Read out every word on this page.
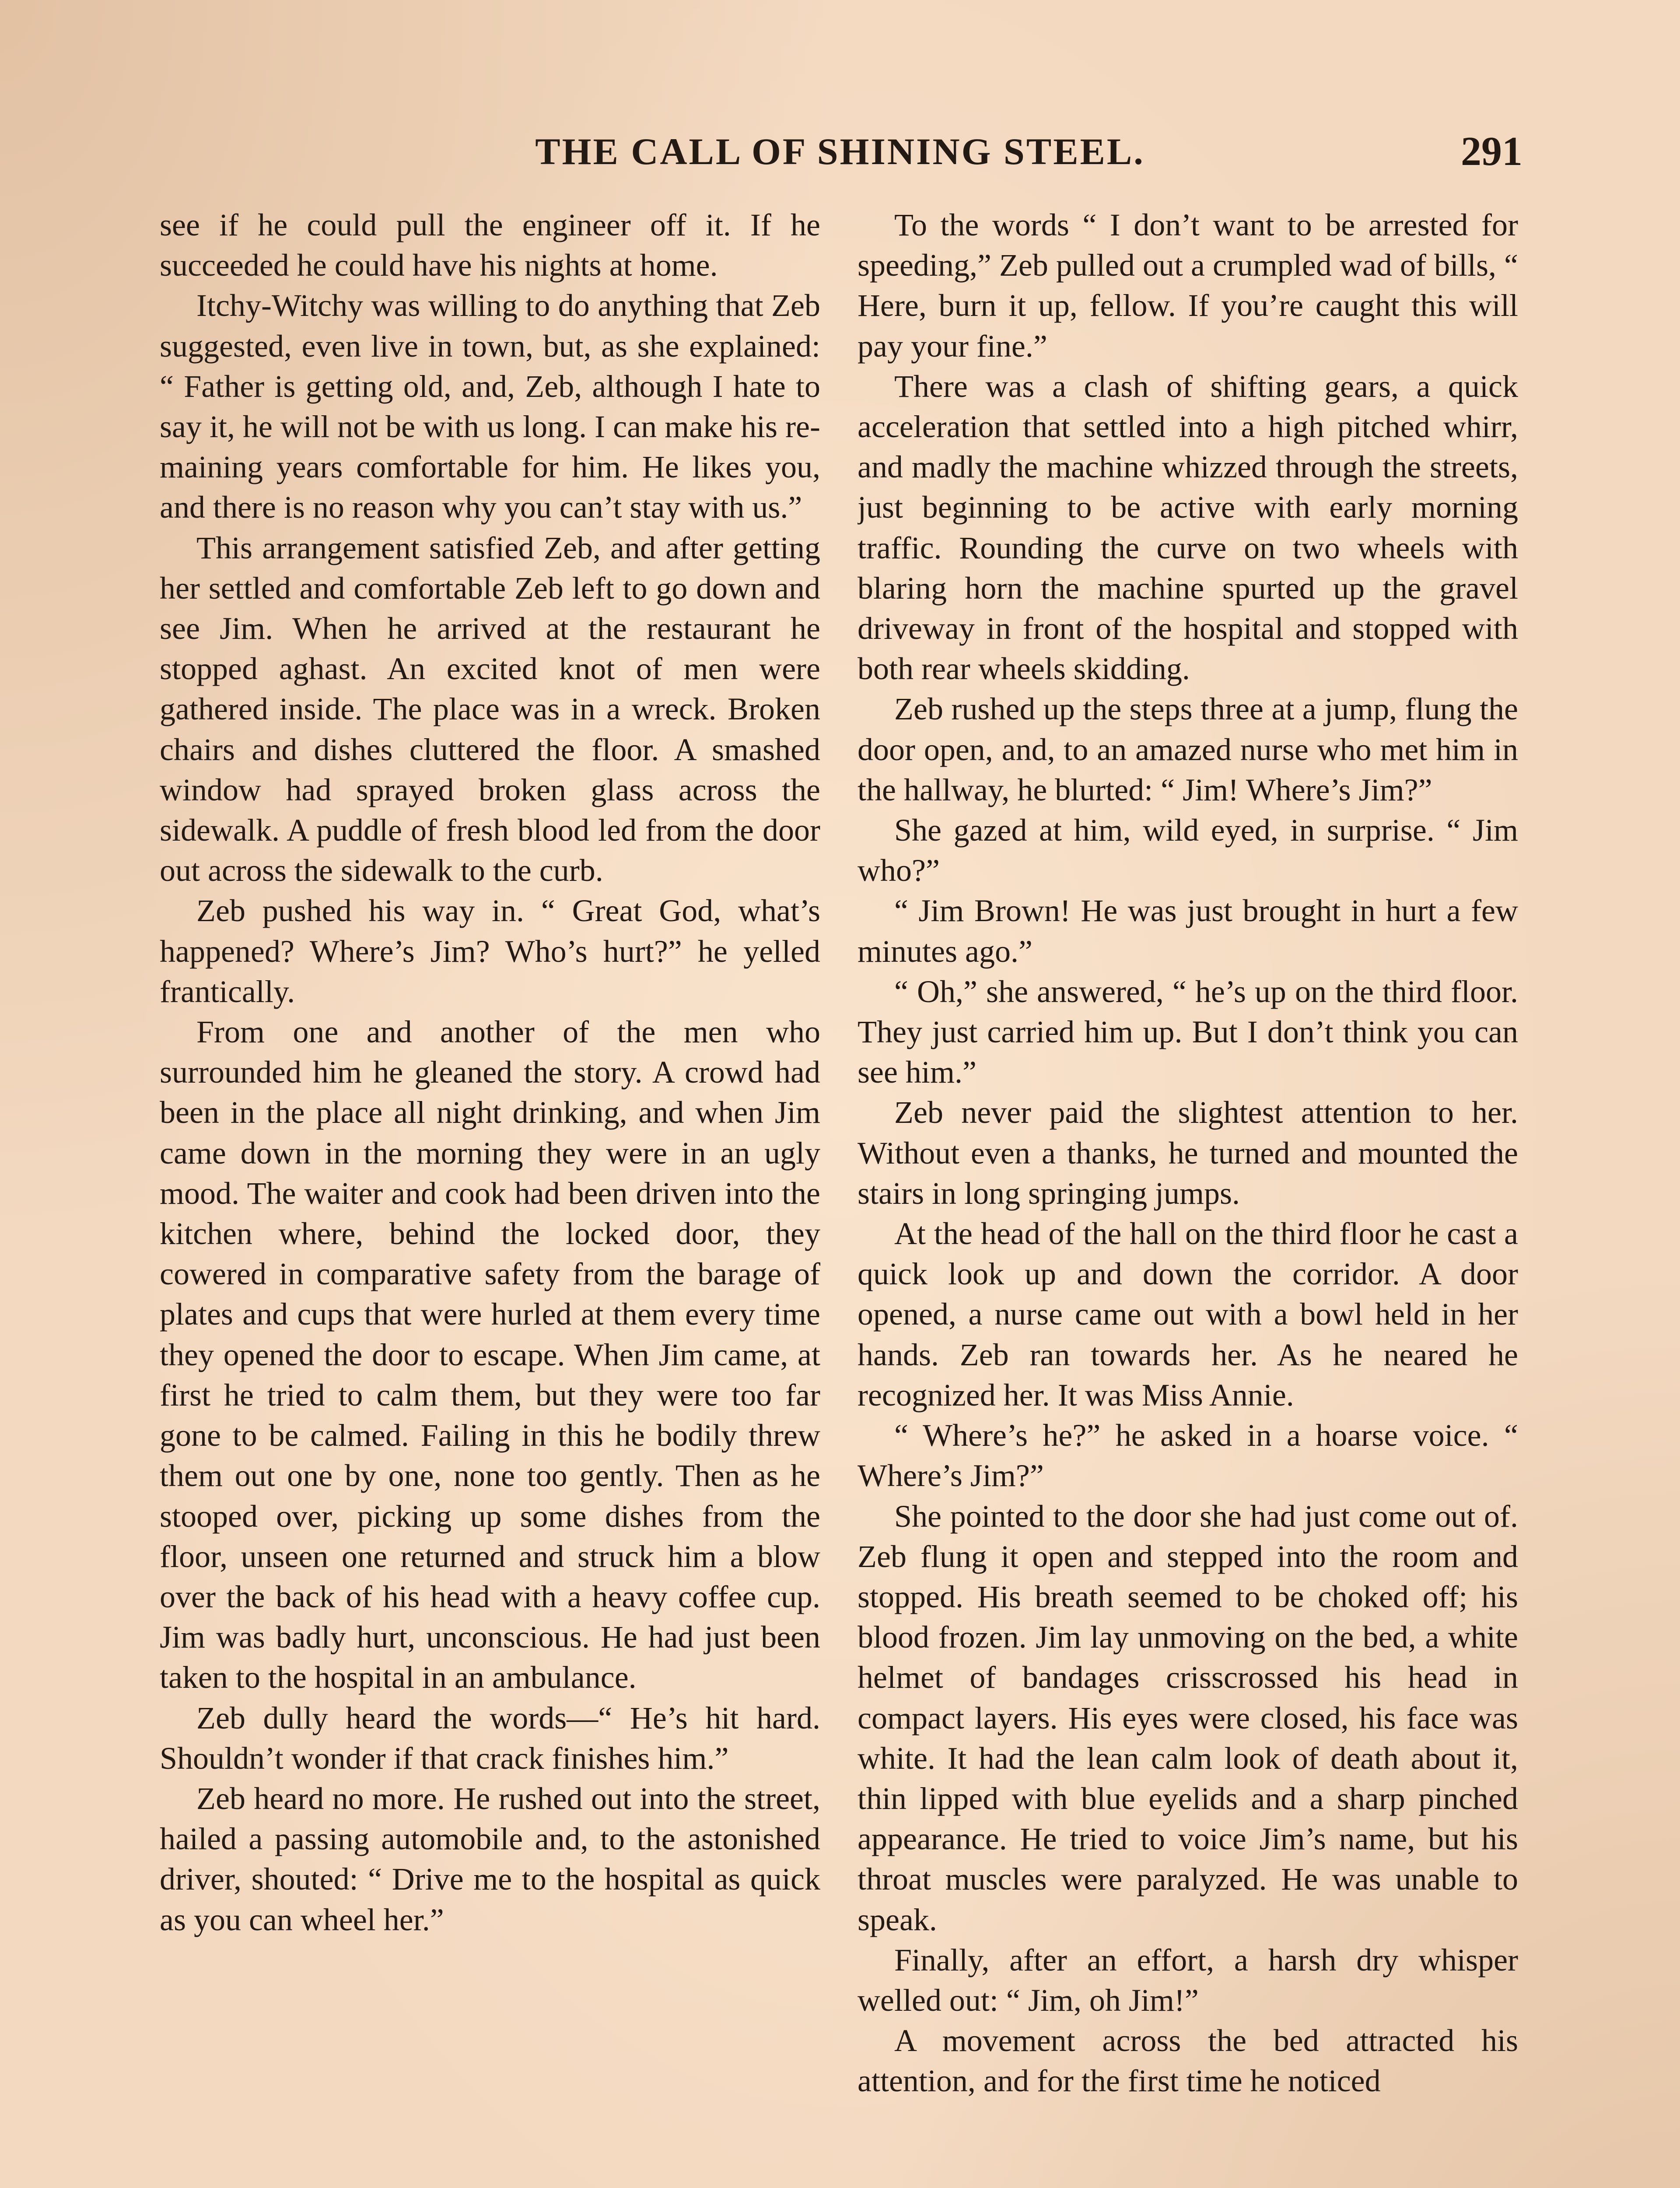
THE CALL OF SHINING STEEL.	291

see if he could pull the engineer off it. If he succeeded he could have his nights at home.

Itchy-Witchy was willing to do anything that Zeb suggested, even live in town, but, as she explained: “ Father is getting old, and, Zeb, although I hate to say it, he will not be with us long. I can make his remaining years comfortable for him. He likes you, and there is no reason why you can’t stay with us.”

This arrangement satisfied Zeb, and after getting her settled and comfortable Zeb left to go down and see Jim. When he arrived at the restaurant he stopped aghast. An excited knot of men were gathered inside. The place was in a wreck. Broken chairs and dishes cluttered the floor. A smashed window had sprayed broken glass across the sidewalk. A puddle of fresh blood led from the door out across the sidewalk to the curb.

Zeb pushed his way in. “ Great God, what’s happened? Where’s Jim? Who’s hurt?” he yelled frantically.

From one and another of the men who surrounded him he gleaned the story. A crowd had been in the place all night drinking, and when Jim came down in the morning they were in an ugly mood. The waiter and cook had been driven into the kitchen where, behind the locked door, they cowered in comparative safety from the barage of plates and cups that were hurled at them every time they opened the door to escape. When Jim came, at first he tried to calm them, but they were too far gone to be calmed. Failing in this he bodily threw them out one by one, none too gently. Then as he stooped over, picking up some dishes from the floor, unseen one returned and struck him a blow over the back of his head with a heavy coffee cup. Jim was badly hurt, unconscious. He had just been taken to the hospital in an ambulance.

Zeb dully heard the words—“ He’s hit hard. Shouldn’t wonder if that crack finishes him.”

Zeb heard no more. He rushed out into the street, hailed a passing automobile and, to the astonished driver, shouted: “ Drive me to the hospital as quick as you can wheel her.”

To the words “ I don’t want to be arrested for speeding,” Zeb pulled out a crumpled wad of bills, “ Here, burn it up, fellow. If you’re caught this will pay your fine.”

There was a clash of shifting gears, a quick acceleration that settled into a high pitched whirr, and madly the machine whizzed through the streets, just beginning to be active with early morning traffic. Rounding the curve on two wheels with blaring horn the machine spurted up the gravel driveway in front of the hospital and stopped with both rear wheels skidding.

Zeb rushed up the steps three at a jump, flung the door open, and, to an amazed nurse who met him in the hallway, he blurted: “ Jim! Where’s Jim?”

She gazed at him, wild eyed, in surprise. “ Jim who?”

“ Jim Brown! He was just brought in hurt a few minutes ago.”

“ Oh,” she answered, “ he’s up on the third floor. They just carried him up. But I don’t think you can see him.”

Zeb never paid the slightest attention to her. Without even a thanks, he turned and mounted the stairs in long springing jumps.

At the head of the hall on the third floor he cast a quick look up and down the corridor. A door opened, a nurse came out with a bowl held in her hands. Zeb ran towards her. As he neared he recognized her. It was Miss Annie.

“ Where’s he?” he asked in a hoarse voice. “ Where’s Jim?”

She pointed to the door she had just come out of. Zeb flung it open and stepped into the room and stopped. His breath seemed to be choked off; his blood frozen. Jim lay unmoving on the bed, a white helmet of bandages crisscrossed his head in compact layers. His eyes were closed, his face was white. It had the lean calm look of death about it, thin lipped with blue eyelids and a sharp pinched appearance. He tried to voice Jim’s name, but his throat muscles were paralyzed. He was unable to speak.

Finally, after an effort, a harsh dry whisper welled out: “ Jim, oh Jim!”

A movement across the bed attracted his attention, and for the first time he noticed
